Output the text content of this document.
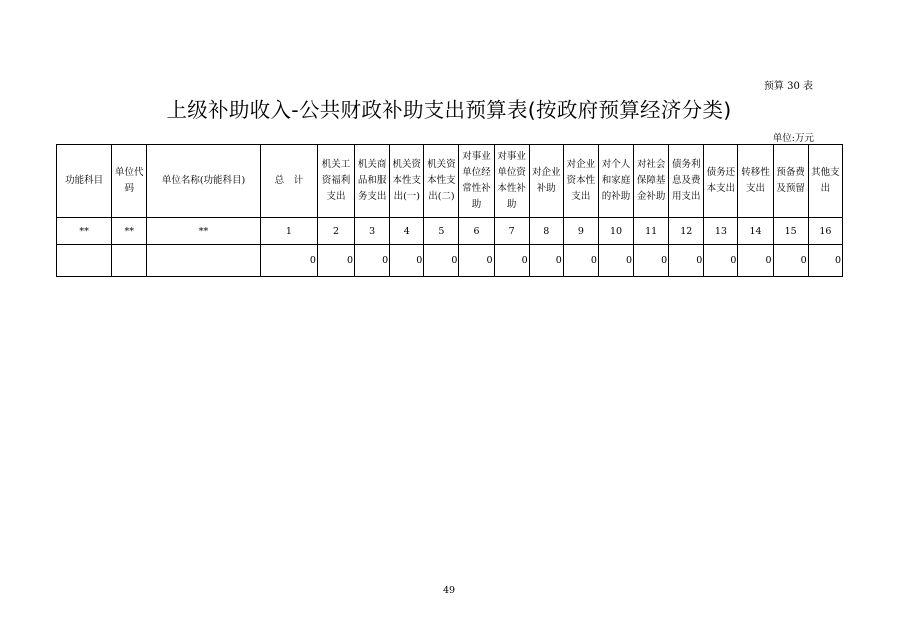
预算 30 表
上级补助收入-公共财政补助支出预算表(按政府预算经济分类)
单位:万元
功能科目	单位代码	单位名称(功能科目)	总　计	机关工资福利支出	机关商品和服务支出	机关资本性支出(一)	机关资本性支出(二)	对事业单位经常性补助	对事业单位资本性补助	对企业补助	对企业资本性支出	对个人和家庭的补助	对社会保障基金补助	债务利息及费用支出	债务还本支出	转移性支出	预备费及预留	其他支出
**	**	**	1	2	3	4	5	6	7	8	9	10	11	12	13	14	15	16
			0	0	0	0	0	0	0	0	0	0	0	0	0	0	0	0
49
